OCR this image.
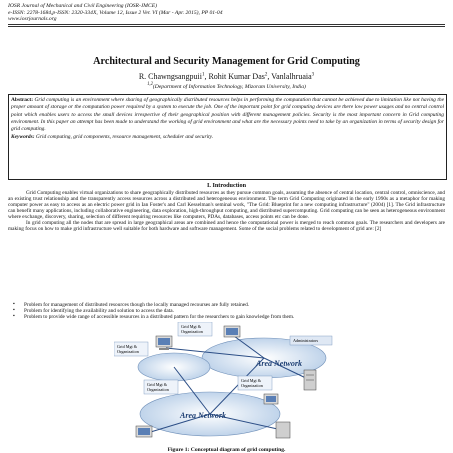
IOSR Journal of Mechanical and Civil Engineering (IOSR-JMCE)
e-ISSN: 2278-1684,p-ISSN: 2320-334X, Volume 12, Issue 2 Ver. VI (Mar - Apr. 2015), PP 01-04
www.iosrjournals.org
Architectural and Security Management for Grid Computing
R. Chawngsangpuii$^1$, Rohit Kumar Das$^2$, Vanlalhruaia$^3$
$^{1,2}$(Department of Information Technology, Mizoram University, India)

Abstract: Grid computing is an environment where sharing of geographically distributed resources helps in performing the computation that cannot be achieved due to limitation like not having the proper amount of storage or the computation power required by a system to execute the job. One of the important point for grid computing devices are there low power usages and no central control point which enables users to access the small devices irrespective of their geographical position with different management policies. Security is the most important concern in Grid computing environment. In this paper an attempt has been made to understand the working of grid environment and what are the necessary points need to take by an organization in terms of security design for grid computing.

Keywords: Grid computing, grid components, resource management, scheduler and security.

I. Introduction

Grid Computing enables virtual organizations to share geographically distributed resources as they pursue common goals, assuming the absence of central location, central control, omniscience, and an existing trust relationship and the transparently access resources across a distributed and heterogeneous environment. The term Grid Computing originated in the early 1990s as a metaphor for making computer power as easy to access as an electric power grid in Ian Foster's and Carl Kesselman's seminal work, "The Grid: Blueprint for a new computing infrastructure" (2004) [1]. The Grid infrastructure can benefit many applications, including collaborative engineering, data exploration, high-throughput computing, and distributed supercomputing. Grid computing can be seen as heterogeneous environment where exchange, discovery, sharing, selection of different requiring resources like computers, PDAs, databases, access points etc can be done.

In grid computing all the nodes that are spread in large geographical areas are combined and hence the computational power is merged to reach common goals. The researchers and developers are making focus on how to make grid infrastructure well suitable for both hardware and software management. Some of the social problems related to development of grid are: [2]

▪ Problem for management of distributed resources though the locally managed recourses are fully retained.
▪ Problem for identifying the availability and solution to access the data.
▪ Problem to provide wide range of accessible resources in a distributed pattern for the researchers to gain knowledge from them.
Grid Mgt &
Organization
Grid Mgt &
Organization
Grid Mgt &
Organization
Grid Mgt &
Organization
Administrators
Area Network
Area Network
Figure 1: Conceptual diagram of grid computing.
